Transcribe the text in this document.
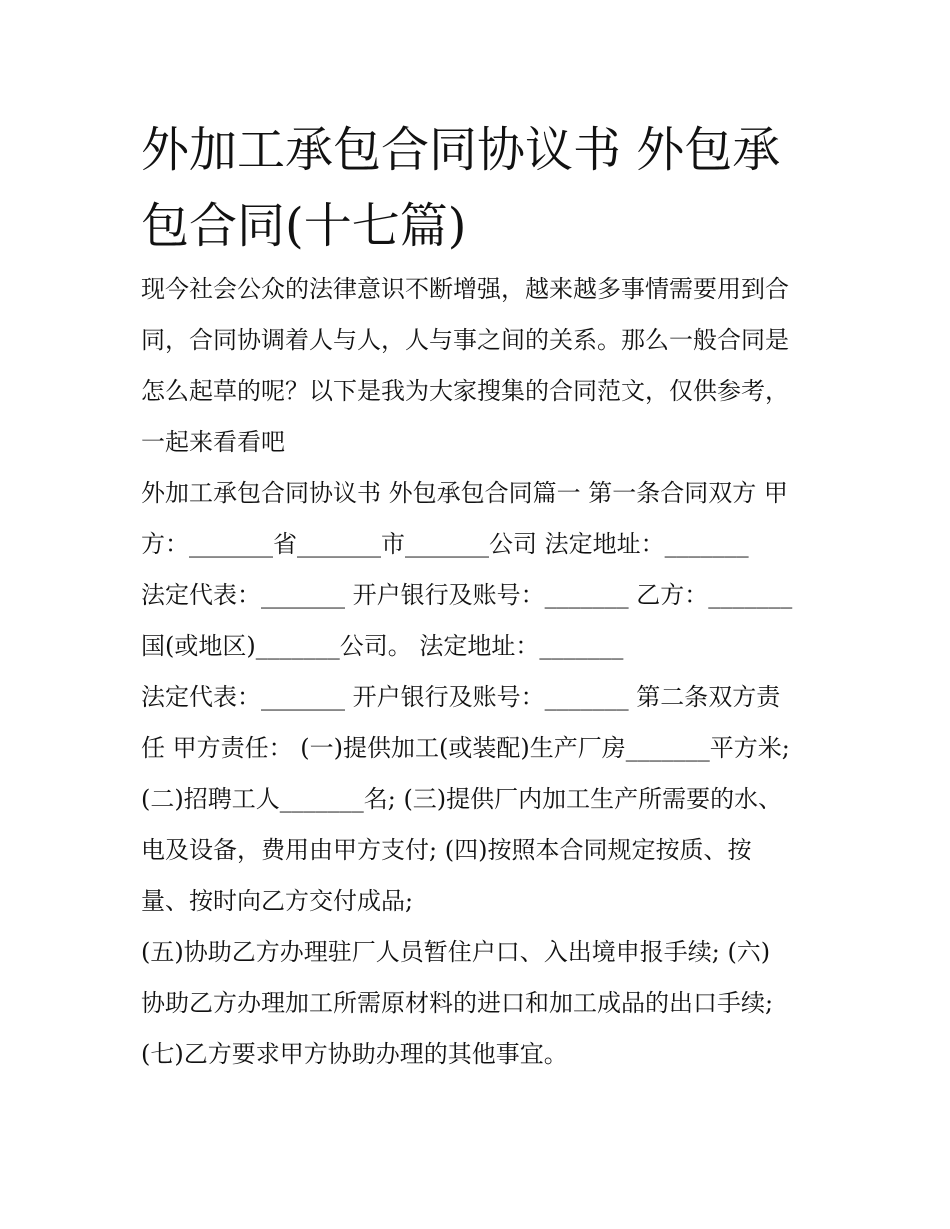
外加工承包合同协议书 外包承
包合同(十七篇)
现今社会公众的法律意识不断增强，越来越多事情需要用到合
同，合同协调着人与人，人与事之间的关系。那么一般合同是
怎么起草的呢？以下是我为大家搜集的合同范文，仅供参考，
一起来看看吧
外加工承包合同协议书 外包承包合同篇一 第一条合同双方 甲
方：_______省_______市_______公司 法定地址：_______
法定代表：_______ 开户银行及账号：_______ 乙方：_______
国(或地区)_______公司。 法定地址：_______
法定代表：_______ 开户银行及账号：_______ 第二条双方责
任 甲方责任： (一)提供加工(或装配)生产厂房_______平方米;
(二)招聘工人_______名; (三)提供厂内加工生产所需要的水、
电及设备，费用由甲方支付; (四)按照本合同规定按质、按
量、按时向乙方交付成品;
(五)协助乙方办理驻厂人员暂住户口、入出境申报手续; (六)
协助乙方办理加工所需原材料的进口和加工成品的出口手续;
(七)乙方要求甲方协助办理的其他事宜。
